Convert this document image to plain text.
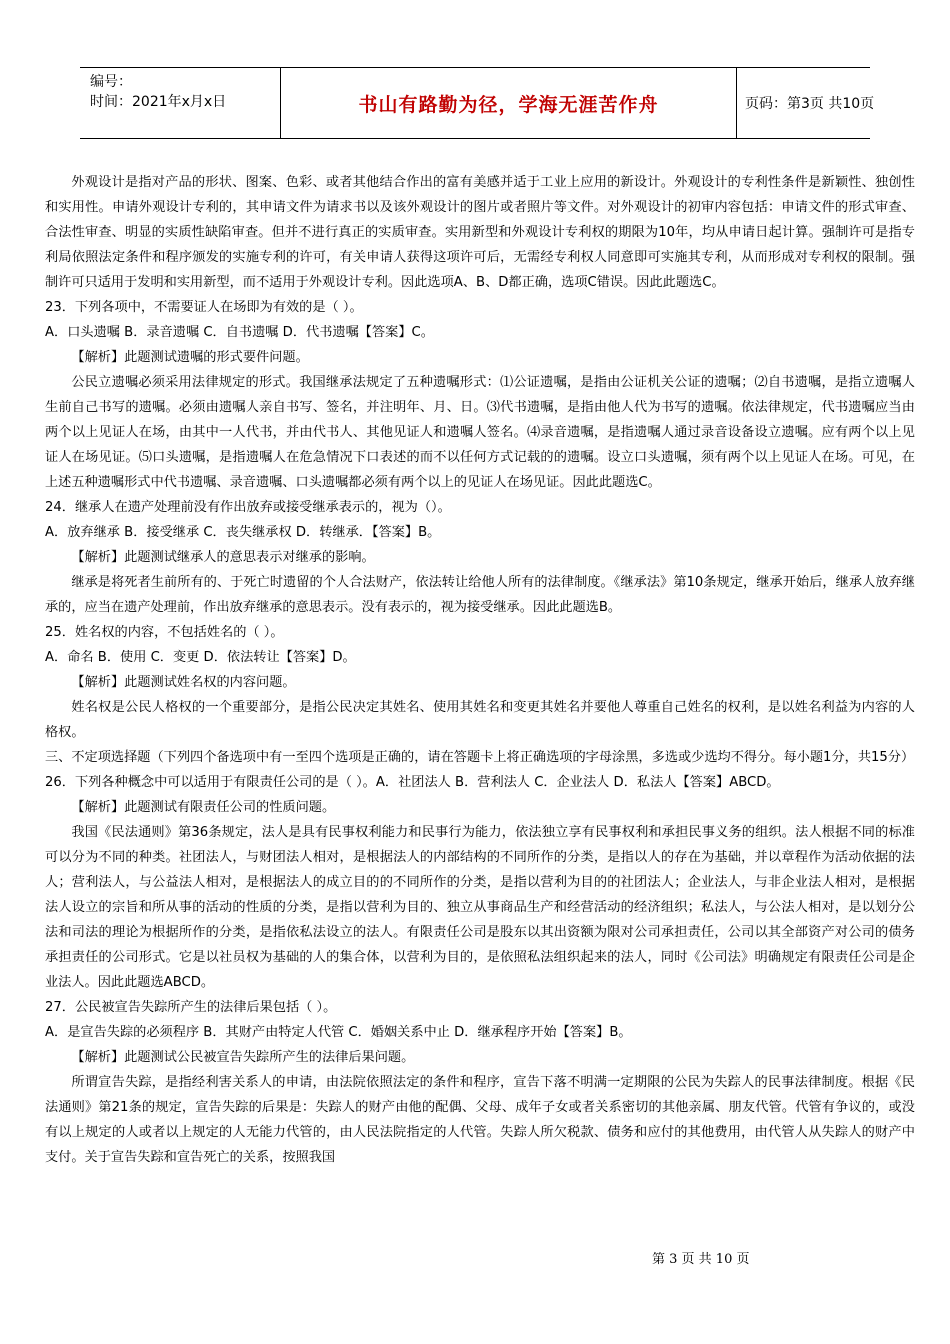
编号：
时间：2021年x月x日	书山有路勤为径，学海无涯苦作舟	页码：第3页 共10页

外观设计是指对产品的形状、图案、色彩、或者其他结合作出的富有美感并适于工业上应用的新设计。外观设计的专利性条件是新颖性、独创性和实用性。申请外观设计专利的，其申请文件为请求书以及该外观设计的图片或者照片等文件。对外观设计的初审内容包括：申请文件的形式审查、合法性审查、明显的实质性缺陷审查。但并不进行真正的实质审查。实用新型和外观设计专利权的期限为10年，均从申请日起计算。强制许可是指专利局依照法定条件和程序颁发的实施专利的许可，有关申请人获得这项许可后，无需经专利权人同意即可实施其专利，从而形成对专利权的限制。强制许可只适用于发明和实用新型，而不适用于外观设计专利。因此选项A、B、D都正确，选项C错误。因此此题选C。

23．下列各项中，不需要证人在场即为有效的是（ ）。

A．口头遗嘱 B．录音遗嘱 C．自书遗嘱 D．代书遗嘱【答案】C。

【解析】此题测试遗嘱的形式要件问题。

公民立遗嘱必须采用法律规定的形式。我国继承法规定了五种遗嘱形式：⑴公证遗嘱，是指由公证机关公证的遗嘱；⑵自书遗嘱，是指立遗嘱人生前自己书写的遗嘱。必须由遗嘱人亲自书写、签名，并注明年、月、日。⑶代书遗嘱，是指由他人代为书写的遗嘱。依法律规定，代书遗嘱应当由两个以上见证人在场，由其中一人代书，并由代书人、其他见证人和遗嘱人签名。⑷录音遗嘱，是指遗嘱人通过录音设备设立遗嘱。应有两个以上见证人在场见证。⑸口头遗嘱，是指遗嘱人在危急情况下口表述的而不以任何方式记载的的遗嘱。设立口头遗嘱，须有两个以上见证人在场。可见，在上述五种遗嘱形式中代书遗嘱、录音遗嘱、口头遗嘱都必须有两个以上的见证人在场见证。因此此题选C。

24．继承人在遗产处理前没有作出放弃或接受继承表示的，视为（）。

A．放弃继承 B．接受继承 C．丧失继承权 D．转继承．【答案】B。

【解析】此题测试继承人的意思表示对继承的影响。

继承是将死者生前所有的、于死亡时遗留的个人合法财产，依法转让给他人所有的法律制度。《继承法》第10条规定，继承开始后，继承人放弃继承的，应当在遗产处理前，作出放弃继承的意思表示。没有表示的，视为接受继承。因此此题选B。

25．姓名权的内容，不包括姓名的（ ）。

A．命名 B．使用 C．变更 D．依法转让【答案】D。

【解析】此题测试姓名权的内容问题。

姓名权是公民人格权的一个重要部分，是指公民决定其姓名、使用其姓名和变更其姓名并要他人尊重自己姓名的权利，是以姓名利益为内容的人格权。

三、不定项选择题（下列四个备选项中有一至四个选项是正确的，请在答题卡上将正确选项的字母涂黑，多选或少选均不得分。每小题1分，共15分）

26．下列各种概念中可以适用于有限责任公司的是（ ）。A．社团法人 B．营利法人 C．企业法人 D．私法人【答案】ABCD。

【解析】此题测试有限责任公司的性质问题。

我国《民法通则》第36条规定，法人是具有民事权利能力和民事行为能力，依法独立享有民事权利和承担民事义务的组织。法人根据不同的标准可以分为不同的种类。社团法人，与财团法人相对，是根据法人的内部结构的不同所作的分类，是指以人的存在为基础，并以章程作为活动依据的法人；营利法人，与公益法人相对，是根据法人的成立目的的不同所作的分类，是指以营利为目的的社团法人；企业法人，与非企业法人相对，是根据法人设立的宗旨和所从事的活动的性质的分类，是指以营利为目的、独立从事商品生产和经营活动的经济组织；私法人，与公法人相对，是以划分公法和司法的理论为根据所作的分类，是指依私法设立的法人。有限责任公司是股东以其出资额为限对公司承担责任，公司以其全部资产对公司的债务承担责任的公司形式。它是以社员权为基础的人的集合体，以营利为目的，是依照私法组织起来的法人，同时《公司法》明确规定有限责任公司是企业法人。因此此题选ABCD。

27．公民被宣告失踪所产生的法律后果包括（ ）。

A．是宣告失踪的必须程序 B．其财产由特定人代管 C．婚姻关系中止 D．继承程序开始【答案】B。

【解析】此题测试公民被宣告失踪所产生的法律后果问题。

所谓宣告失踪，是指经利害关系人的申请，由法院依照法定的条件和程序，宣告下落不明满一定期限的公民为失踪人的民事法律制度。根据《民法通则》第21条的规定，宣告失踪的后果是：失踪人的财产由他的配偶、父母、成年子女或者关系密切的其他亲属、朋友代管。代管有争议的，或没有以上规定的人或者以上规定的人无能力代管的，由人民法院指定的人代管。失踪人所欠税款、债务和应付的其他费用，由代管人从失踪人的财产中支付。关于宣告失踪和宣告死亡的关系，按照我国

第 3 页 共 10 页
